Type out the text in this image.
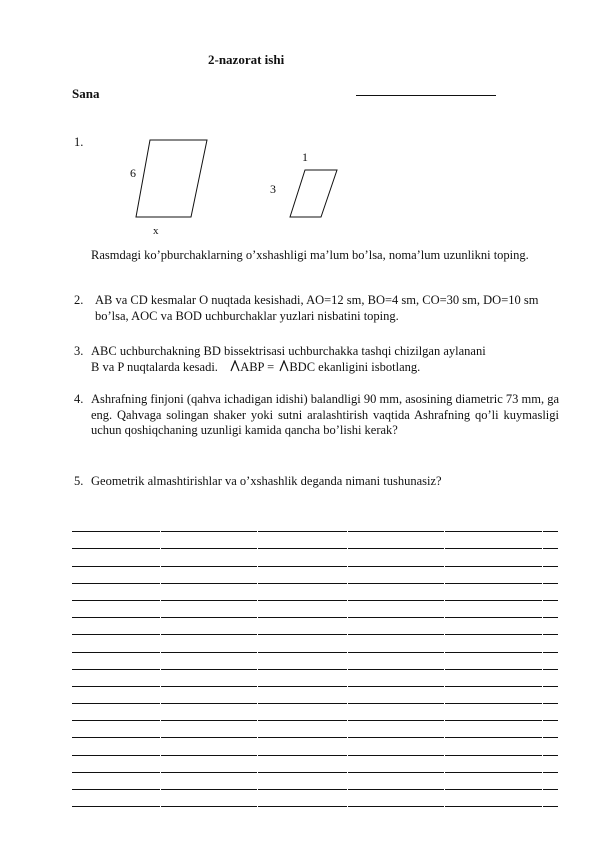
2-nazorat ishi
Sana
1.
6
x
1
3
Rasmdagi ko’pburchaklarning o’xshashligi ma’lum bo’lsa, noma’lum uzunlikni toping.
2. AB va CD kesmalar O nuqtada kesishadi, AO=12 sm, BO=4 sm, CO=30 sm, DO=10 sm bo’lsa, AOC va BOD uchburchaklar yuzlari nisbatini toping.
3. ABC uchburchakning BD bissektrisasi uchburchakka tashqi chizilgan aylanani
B va P nuqtalarda kesadi. ABP = BDC ekanligini isbotlang.
4. Ashrafning finjoni (qahva ichadigan idishi) balandligi 90 mm, asosining diametric 73 mm, ga eng. Qahvaga solingan shaker yoki sutni aralashtirish vaqtida Ashrafning qo’li kuymasligi uchun qoshiqchaning uzunligi kamida qancha bo’lishi kerak?
5. Geometrik almashtirishlar va o’xshashlik deganda nimani tushunasiz?
